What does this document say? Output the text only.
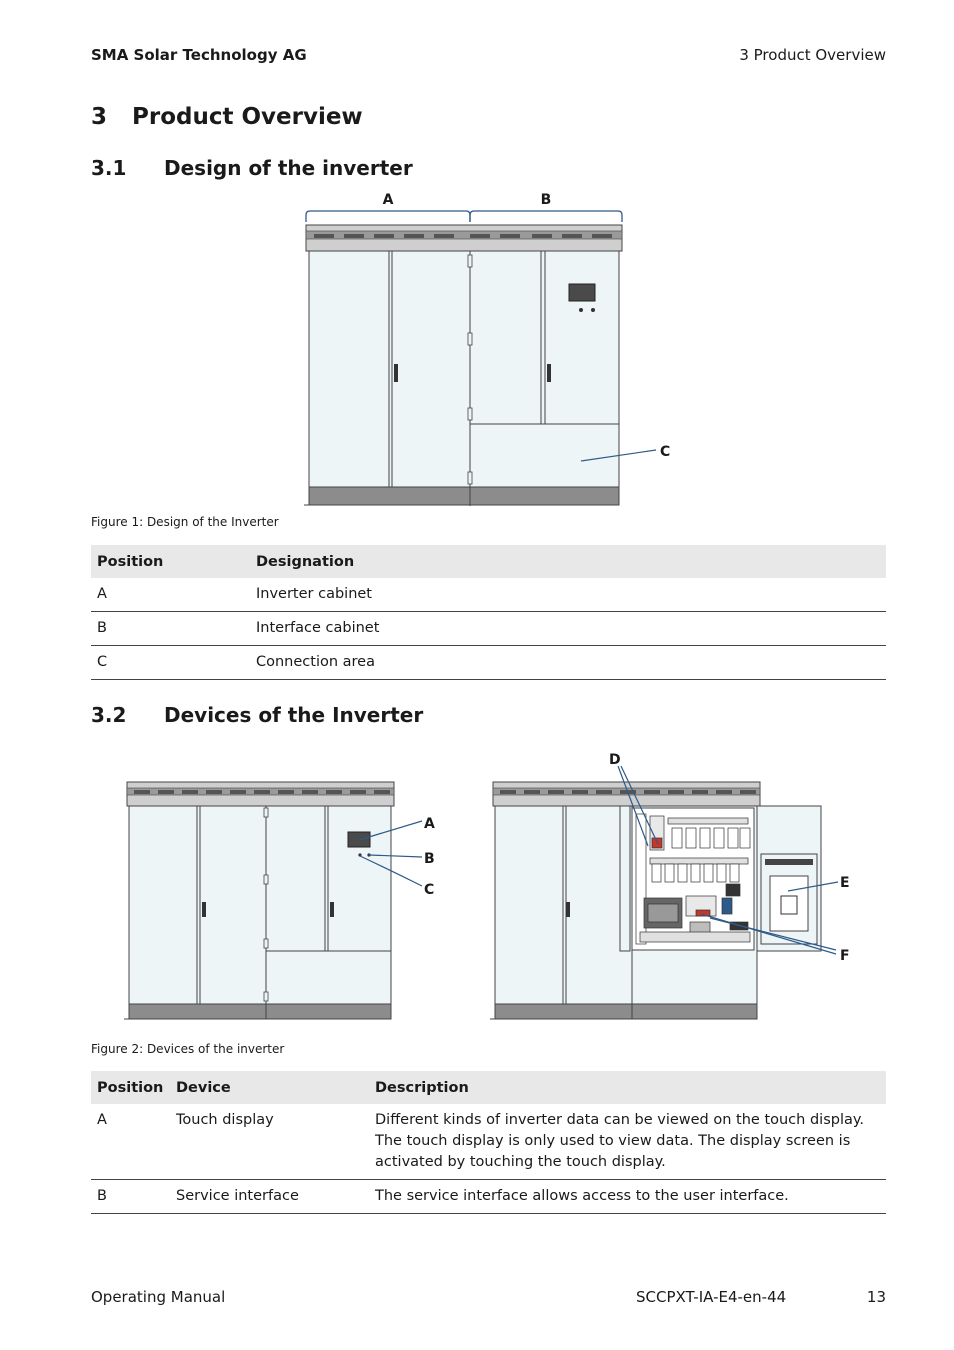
SMA Solar Technology AG	3 Product Overview
3 Product Overview
3.1 Design of the inverter
A	B
C
Figure 1: Design of the Inverter
Position	Designation
A	Inverter cabinet
B	Interface cabinet
C	Connection area
3.2 Devices of the Inverter
A
B
C
D
E
F
Figure 2: Devices of the inverter
Position	Device	Description
A	Touch display	Different kinds of inverter data can be viewed on the touch display. The touch display is only used to view data. The display screen is activated by touching the touch display.
B	Service interface	The service interface allows access to the user interface.
Operating Manual	SCCPXT-IA-E4-en-44	13
